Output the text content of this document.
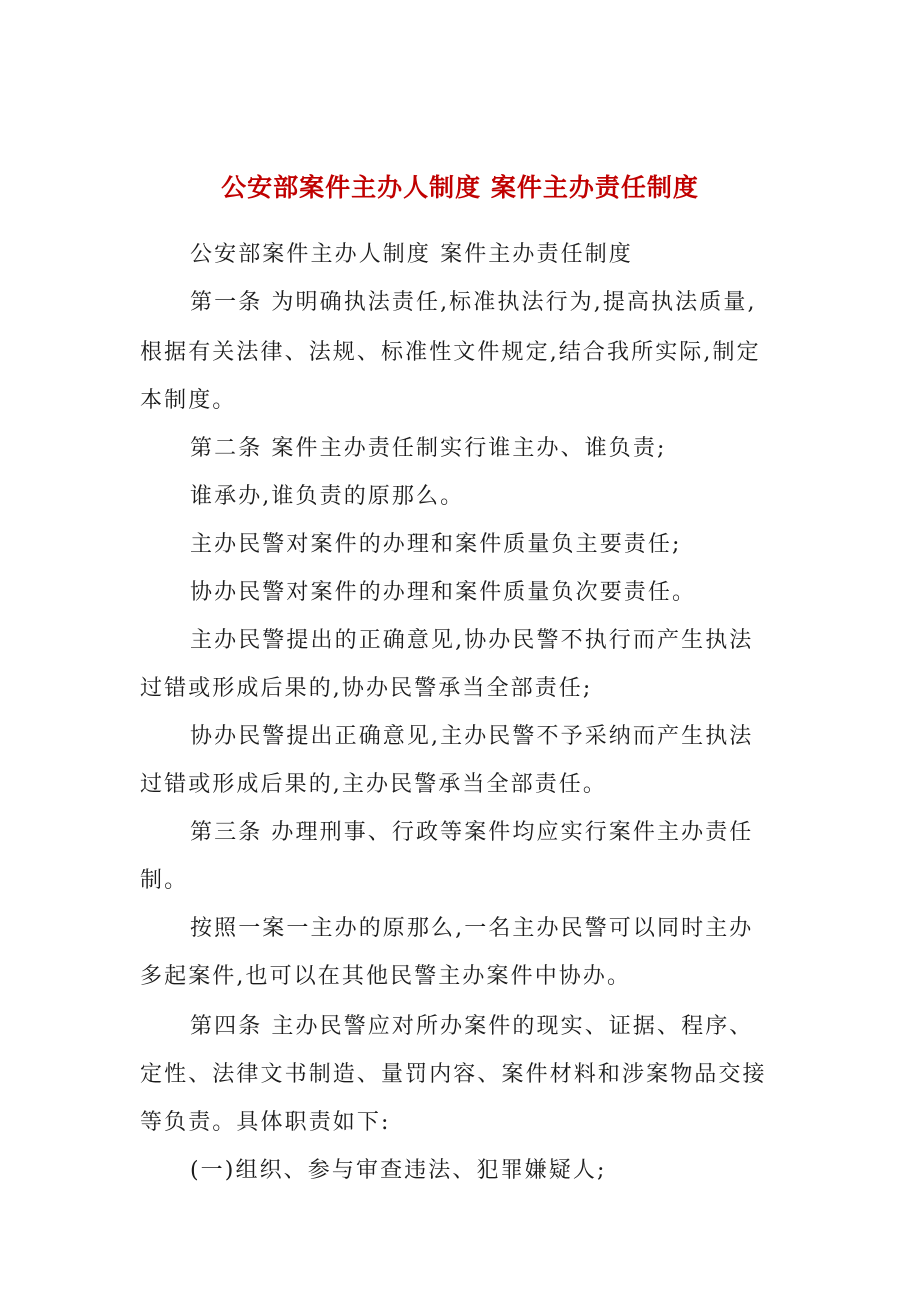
公安部案件主办人制度 案件主办责任制度

公安部案件主办人制度 案件主办责任制度

第一条 为明确执法责任,标准执法行为,提高执法质量,

根据有关法律、法规、标准性文件规定,结合我所实际,制定

本制度。

第二条 案件主办责任制实行谁主办、谁负责;

谁承办,谁负责的原那么。

主办民警对案件的办理和案件质量负主要责任;

协办民警对案件的办理和案件质量负次要责任。

主办民警提出的正确意见,协办民警不执行而产生执法

过错或形成后果的,协办民警承当全部责任;

协办民警提出正确意见,主办民警不予采纳而产生执法

过错或形成后果的,主办民警承当全部责任。

第三条 办理刑事、行政等案件均应实行案件主办责任

制。

按照一案一主办的原那么,一名主办民警可以同时主办

多起案件,也可以在其他民警主办案件中协办。

第四条 主办民警应对所办案件的现实、证据、程序、

定性、法律文书制造、量罚内容、案件材料和涉案物品交接

等负责。具体职责如下:

(一)组织、参与审查违法、犯罪嫌疑人;
